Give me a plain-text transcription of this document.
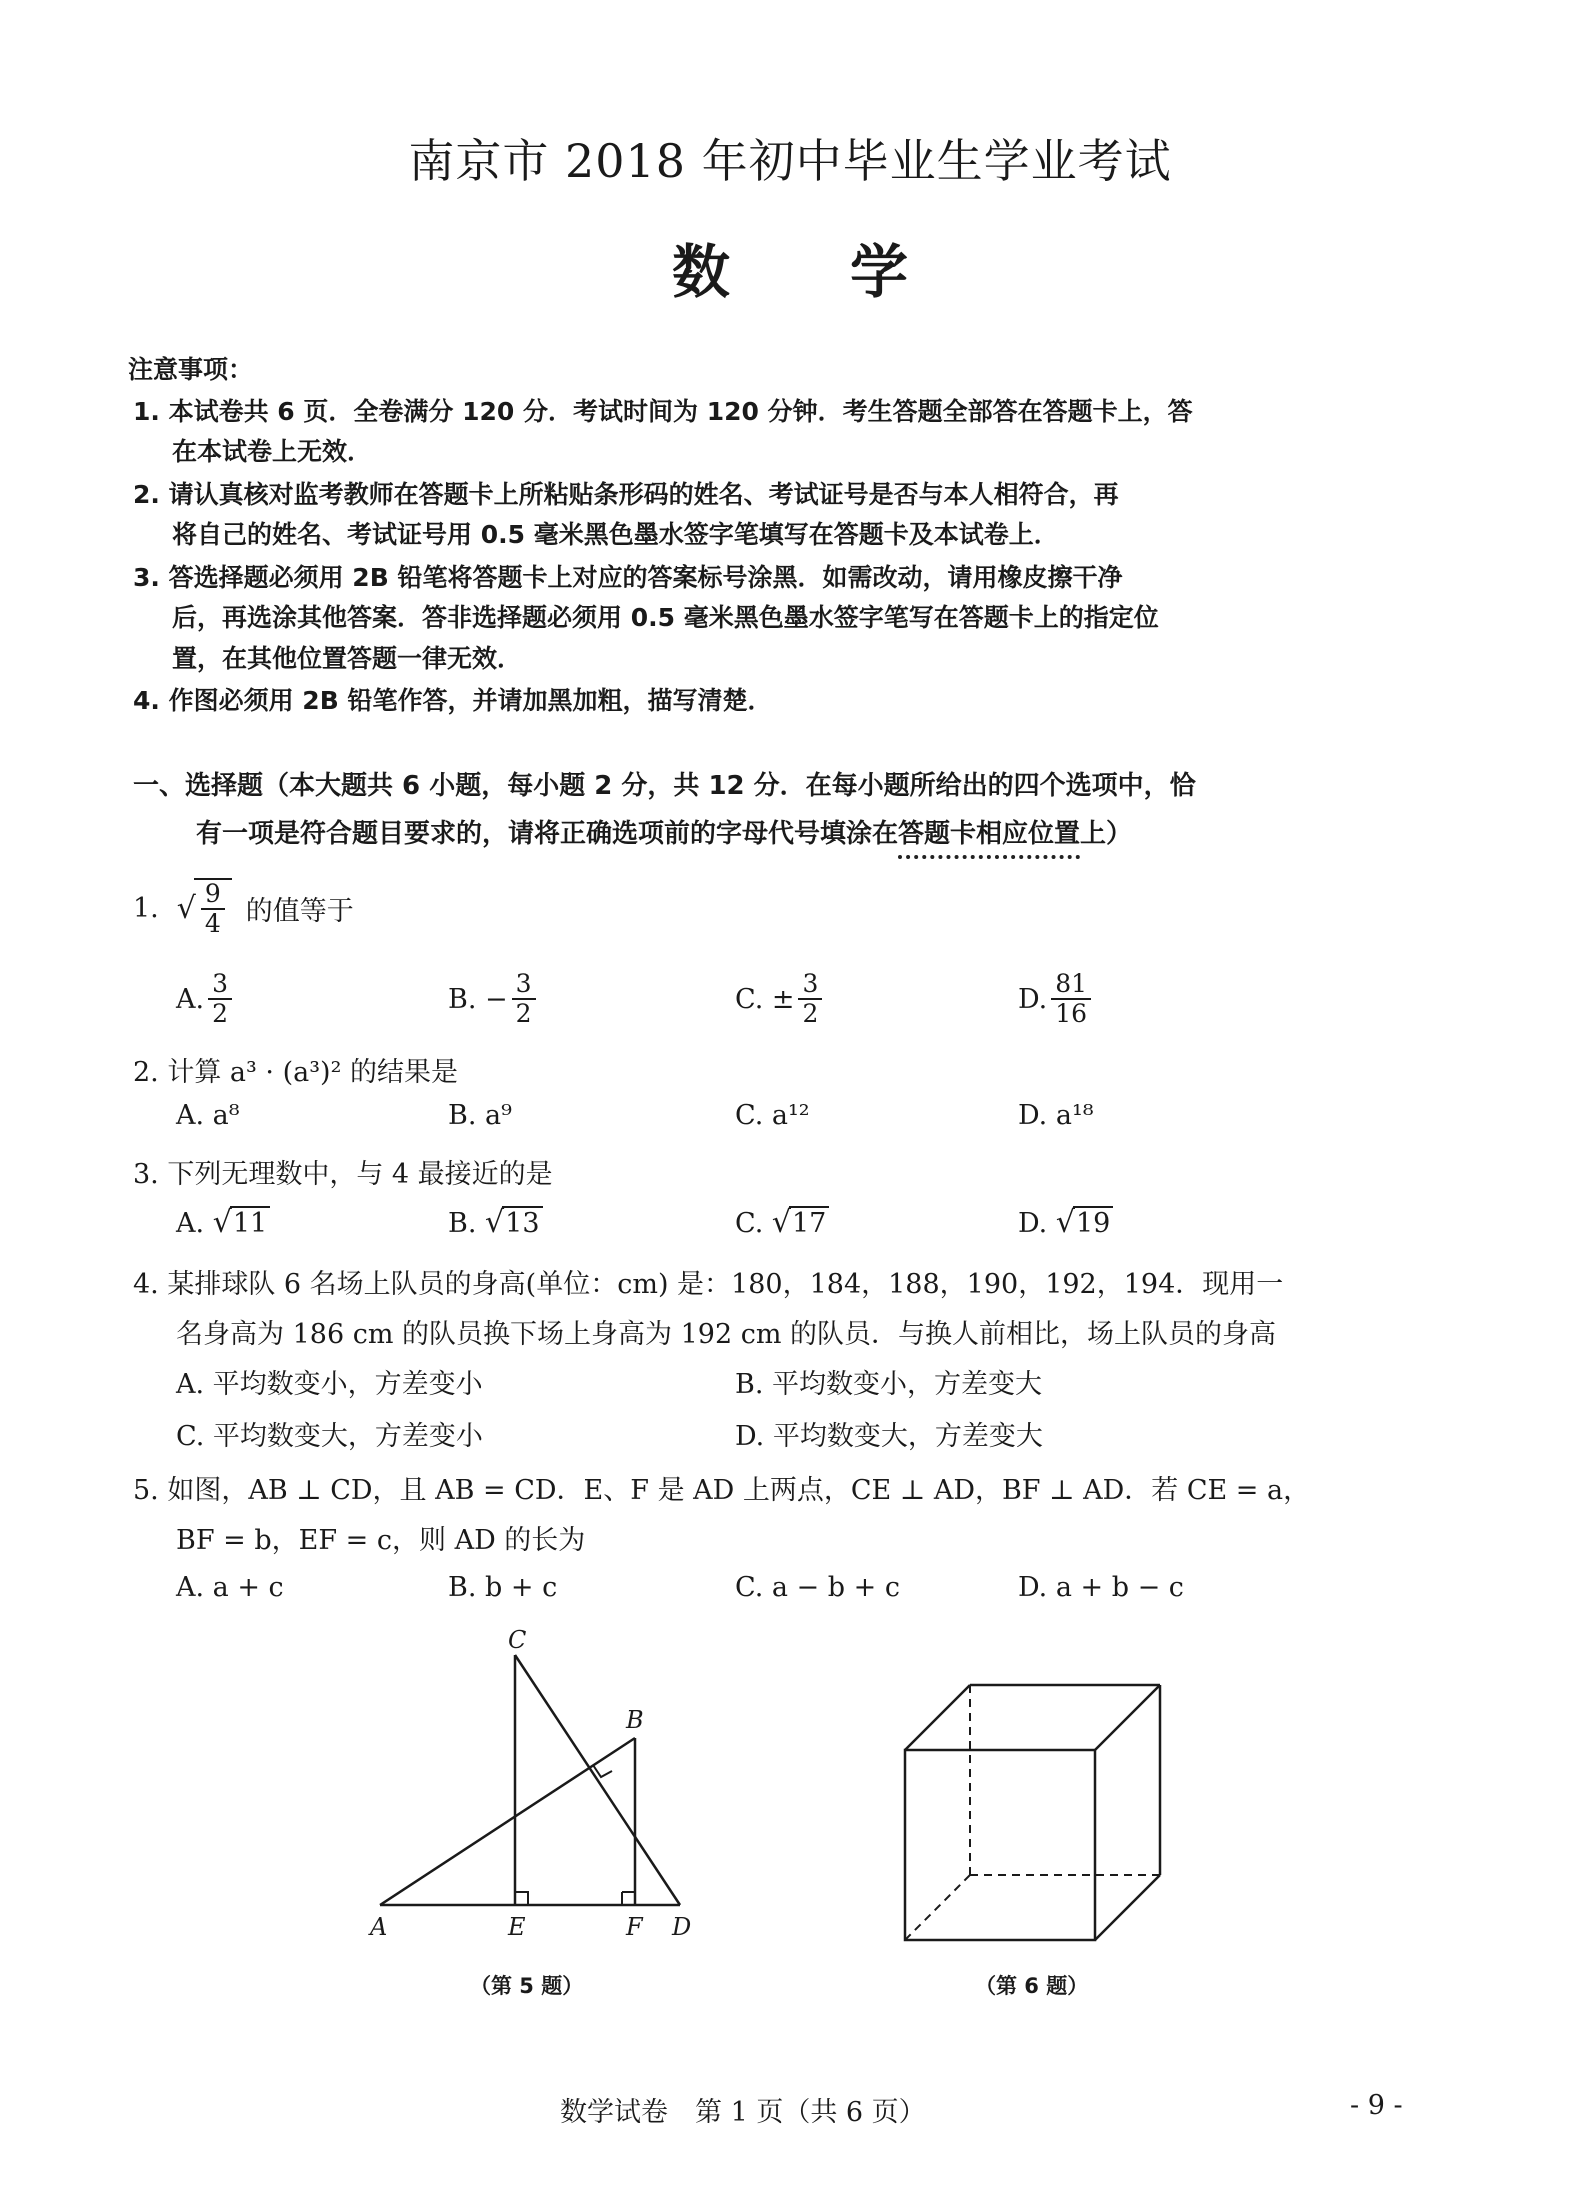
南京市 2018 年初中毕业生学业考试
数 学
注意事项：
1. 本试卷共 6 页．全卷满分 120 分．考试时间为 120 分钟．考生答题全部答在答题卡上，答
在本试卷上无效．
2. 请认真核对监考教师在答题卡上所粘贴条形码的姓名、考试证号是否与本人相符合，再
将自己的姓名、考试证号用 0.5 毫米黑色墨水签字笔填写在答题卡及本试卷上．
3. 答选择题必须用 2B 铅笔将答题卡上对应的答案标号涂黑．如需改动，请用橡皮擦干净
后，再选涂其他答案．答非选择题必须用 0.5 毫米黑色墨水签字笔写在答题卡上的指定位
置，在其他位置答题一律无效．
4. 作图必须用 2B 铅笔作答，并请加黑加粗，描写清楚．
一、选择题（本大题共 6 小题，每小题 2 分，共 12 分．在每小题所给出的四个选项中，恰
有一项是符合题目要求的，请将正确选项前的字母代号填涂在答题卡相应位置上）
1. √ $\frac{9}{4}$ 的值等于
A. $\frac{3}{2}$	B. − $\frac{3}{2}$	C. ± $\frac{3}{2}$	D. $\frac{81}{16}$
2. 计算 a³ · (a³)² 的结果是
A. a⁸	B. a⁹	C. a¹²	D. a¹⁸
3. 下列无理数中，与 4 最接近的是
A. √11	B. √13	C. √17	D. √19
4. 某排球队 6 名场上队员的身高(单位：cm) 是：180，184，188，190，192，194．现用一
名身高为 186 cm 的队员换下场上身高为 192 cm 的队员．与换人前相比，场上队员的身高
A. 平均数变小，方差变小	B. 平均数变小，方差变大
C. 平均数变大，方差变小	D. 平均数变大，方差变大
5. 如图，AB ⊥ CD，且 AB = CD．E、F 是 AD 上两点，CE ⊥ AD，BF ⊥ AD．若 CE = a，
BF = b，EF = c，则 AD 的长为
A. a + c	B. b + c	C. a − b + c	D. a + b − c
C
B
A	E	F D
（第 5 题）	（第 6 题）
数学试卷　第 1 页（共 6 页）	- 9 -
